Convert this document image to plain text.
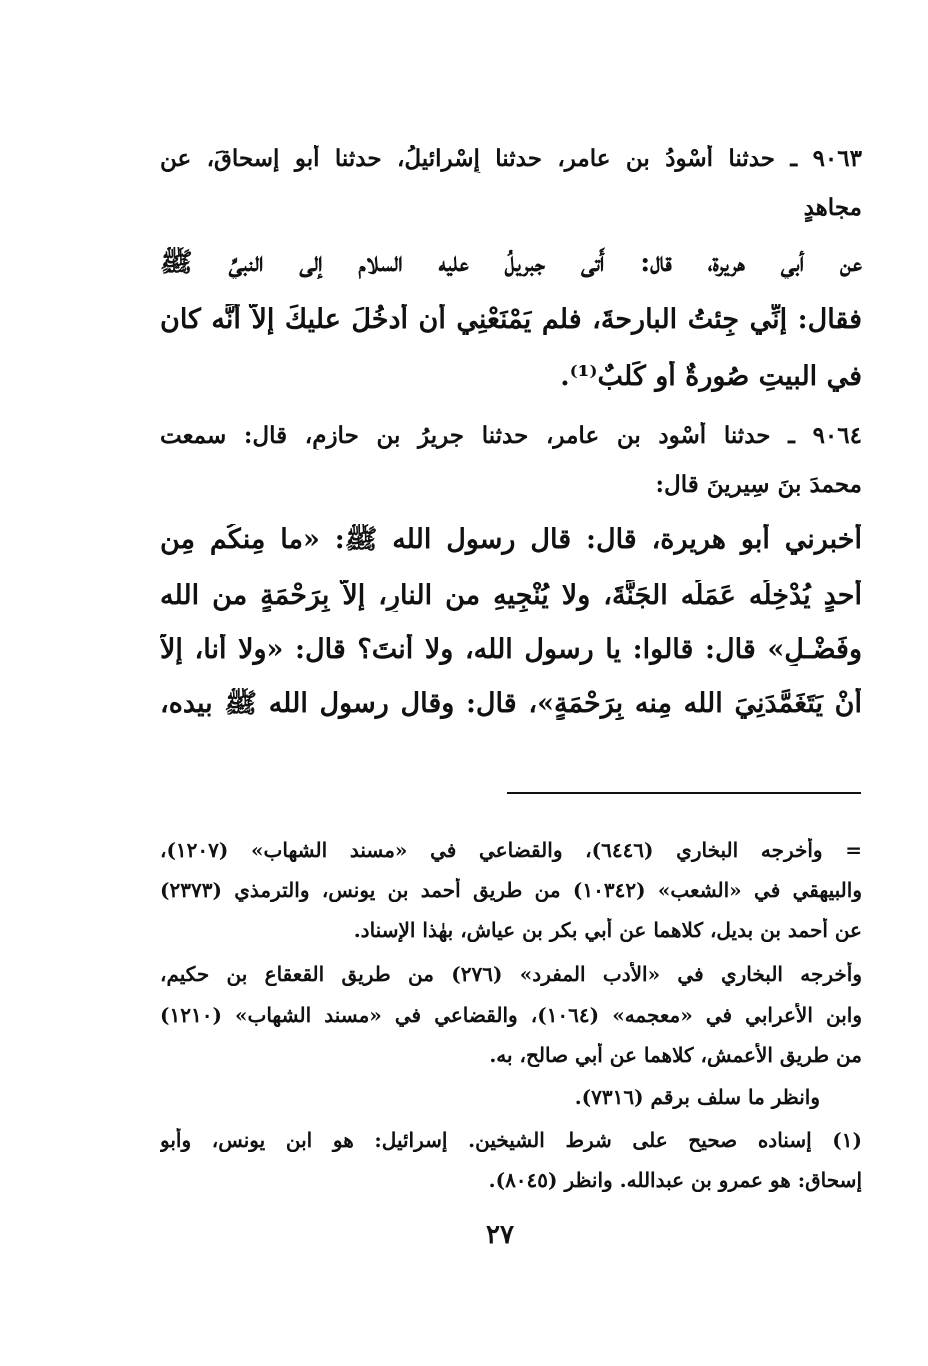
٩٠٦٣ ـ حدثنا أَسْودُ بن عامر، حدثنا إِسْرائيلُ، حدثنا أبو إسحاقَ، عن
مجاهدٍ
عن أبي هريرة، قال: أَتى جبريلُ عليه السلام إلى النبيِّ ﷺ
فقال: إنِّي جِئتُ البارحةَ، فلم يَمْنَعْنِي أن أَدخُلَ عليكَ إلاَّ أنَّه كان
في البيتِ صُورةٌ أو كَلبٌ⁽¹⁾.
٩٠٦٤ ـ حدثنا أَسْود بن عامر، حدثنا جريرُ بن حازمٍ، قال: سمعت
محمدَ بنَ سِيرينَ قال:
أَخبرني أبو هريرة، قال: قال رسول الله ﷺ: «ما مِنكُم مِن
أَحدٍ يُدْخِلُه عَمَلُه الجَنَّةَ، ولا يُنْجِيهِ من النارِ، إلاَّ بِرَحْمَةٍ من الله
وفَضْـلٍ» قال: قالوا: يا رسول الله، ولا أَنتَ؟ قال: «ولا أنا، إلاَّ
أَنْ يَتَغَمَّدَنِيَ الله مِنه بِرَحْمَةٍ»، قال: وقال رسول الله ﷺ بيده،
= وأخرجه البخاري (٦٤٤٦)، والقضاعي في «مسند الشهاب» (١٢٠٧)،
والبيهقي في «الشعب» (١٠٣٤٢) من طريق أحمد بن يونس، والترمذي (٢٣٧٣)
عن أحمد بن بديل، كلاهما عن أبي بكر بن عياش، بهٰذا الإسناد.
وأخرجه البخاري في «الأدب المفرد» (٢٧٦) من طريق القعقاع بن حكيم،
وابن الأعرابي في «معجمه» (١٠٦٤)، والقضاعي في «مسند الشهاب» (١٢١٠)
من طريق الأعمش، كلاهما عن أبي صالح، به.
وانظر ما سلف برقم (٧٣١٦).
(١) إسناده صحيح على شرط الشيخين. إسرائيل: هو ابن يونس، وأبو
إسحاق: هو عمرو بن عبدالله. وانظر (٨٠٤٥).
٢٧
